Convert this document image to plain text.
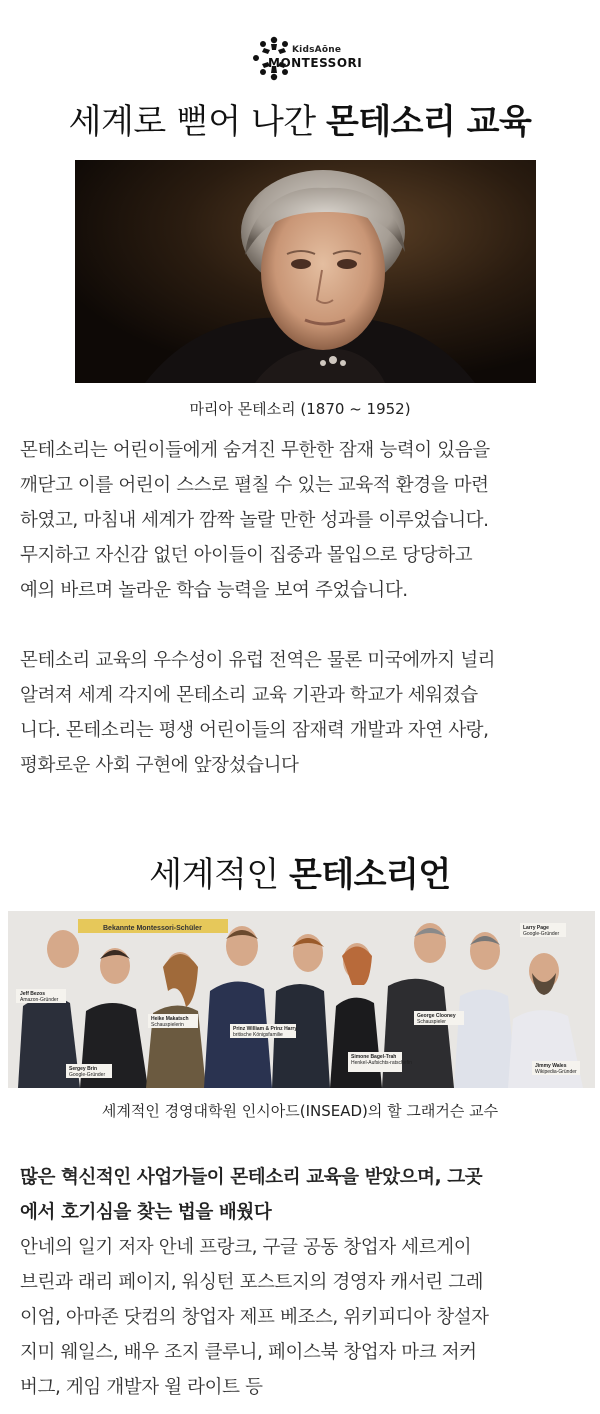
KidsAōne
MONTESSORI
세계로 뻗어 나간 몬테소리 교육
마리아 몬테소리 (1870 ~ 1952)
몬테소리는 어린이들에게 숨겨진 무한한 잠재 능력이 있음을
깨닫고 이를 어린이 스스로 펼칠 수 있는 교육적 환경을 마련
하였고, 마침내 세계가 깜짝 놀랄 만한 성과를 이루었습니다.
무지하고 자신감 없던 아이들이 집중과 몰입으로 당당하고
예의 바르며 놀라운 학습 능력을 보여 주었습니다.
몬테소리 교육의 우수성이 유럽 전역은 물론 미국에까지 널리
알려져 세계 각지에 몬테소리 교육 기관과 학교가 세워졌습
니다. 몬테소리는 평생 어린이들의 잠재력 개발과 자연 사랑,
평화로운 사회 구현에 앞장섰습니다
세계적인 몬테소리언
Bekannte Montessori-Schüler
Jeff Bezos
Amazon-Gründer
Sergey Brin
Google-Gründer
Heike Makatsch
Schauspielerin
Prinz William & Prinz Harry
britische Königsfamilie
Simone Bagel-Trah
Henkel-Aufsichts-ratschefin
George Clooney
Schauspieler
Larry Page
Google-Gründer
Jimmy Wales
Wikipedia-Gründer
세계적인 경영대학원 인시아드(INSEAD)의 할 그래거슨 교수
많은 혁신적인 사업가들이 몬테소리 교육을 받았으며, 그곳
에서 호기심을 찾는 법을 배웠다
안네의 일기 저자 안네 프랑크, 구글 공동 창업자 세르게이
브린과 래리 페이지, 워싱턴 포스트지의 경영자 캐서린 그레
이엄, 아마존 닷컴의 창업자 제프 베조스, 위키피디아 창설자
지미 웨일스, 배우 조지 클루니, 페이스북 창업자 마크 저커
버그, 게임 개발자 윌 라이트 등
